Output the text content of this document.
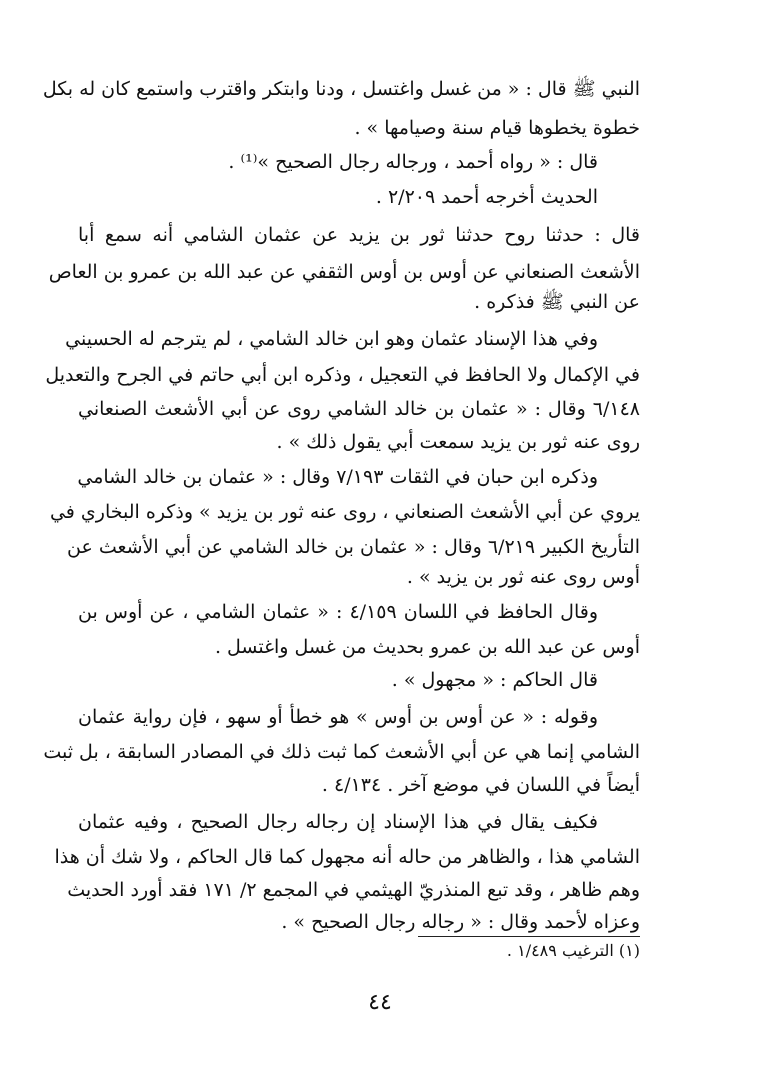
النبي ﷺ قال : « من غسل واغتسل ، ودنا وابتكر واقترب واستمع كان له بكل
خطوة يخطوها قيام سنة وصيامها » .
قال : « رواه أحمد ، ورجاله رجال الصحيح »⁽¹⁾ .
الحديث أخرجه أحمد ٢/٢٠٩ .
قال : حدثنا روح حدثنا ثور بن يزيد عن عثمان الشامي أنه سمع أبا
الأشعث الصنعاني عن أوس بن أوس الثقفي عن عبد الله بن عمرو بن العاص
عن النبي ﷺ فذكره .
وفي هذا الإسناد عثمان وهو ابن خالد الشامي ، لم يترجم له الحسيني
في الإكمال ولا الحافظ في التعجيل ، وذكره ابن أبي حاتم في الجرح والتعديل
٦/١٤٨ وقال : « عثمان بن خالد الشامي روى عن أبي الأشعث الصنعاني
روى عنه ثور بن يزيد سمعت أبي يقول ذلك » .
وذكره ابن حبان في الثقات ٧/١٩٣ وقال : « عثمان بن خالد الشامي
يروي عن أبي الأشعث الصنعاني ، روى عنه ثور بن يزيد » وذكره البخاري في
التأريخ الكبير ٦/٢١٩ وقال : « عثمان بن خالد الشامي عن أبي الأشعث عن
أوس روى عنه ثور بن يزيد » .
وقال الحافظ في اللسان ٤/١٥٩ : « عثمان الشامي ، عن أوس بن
أوس عن عبد الله بن عمرو بحديث من غسل واغتسل .
قال الحاكم : « مجهول » .
وقوله : « عن أوس بن أوس » هو خطأ أو سهو ، فإن رواية عثمان
الشامي إنما هي عن أبي الأشعث كما ثبت ذلك في المصادر السابقة ، بل ثبت
أيضاً في اللسان في موضع آخر . ٤/١٣٤ .
فكيف يقال في هذا الإسناد إن رجاله رجال الصحيح ، وفيه عثمان
الشامي هذا ، والظاهر من حاله أنه مجهول كما قال الحاكم ، ولا شك أن هذا
وهم ظاهر ، وقد تبع المنذريّ الهيثمي في المجمع ٢/ ١٧١ فقد أورد الحديث
وعزاه لأحمد وقال : « رجاله رجال الصحيح » .
(١) الترغيب ١/٤٨٩ .
٤٤
